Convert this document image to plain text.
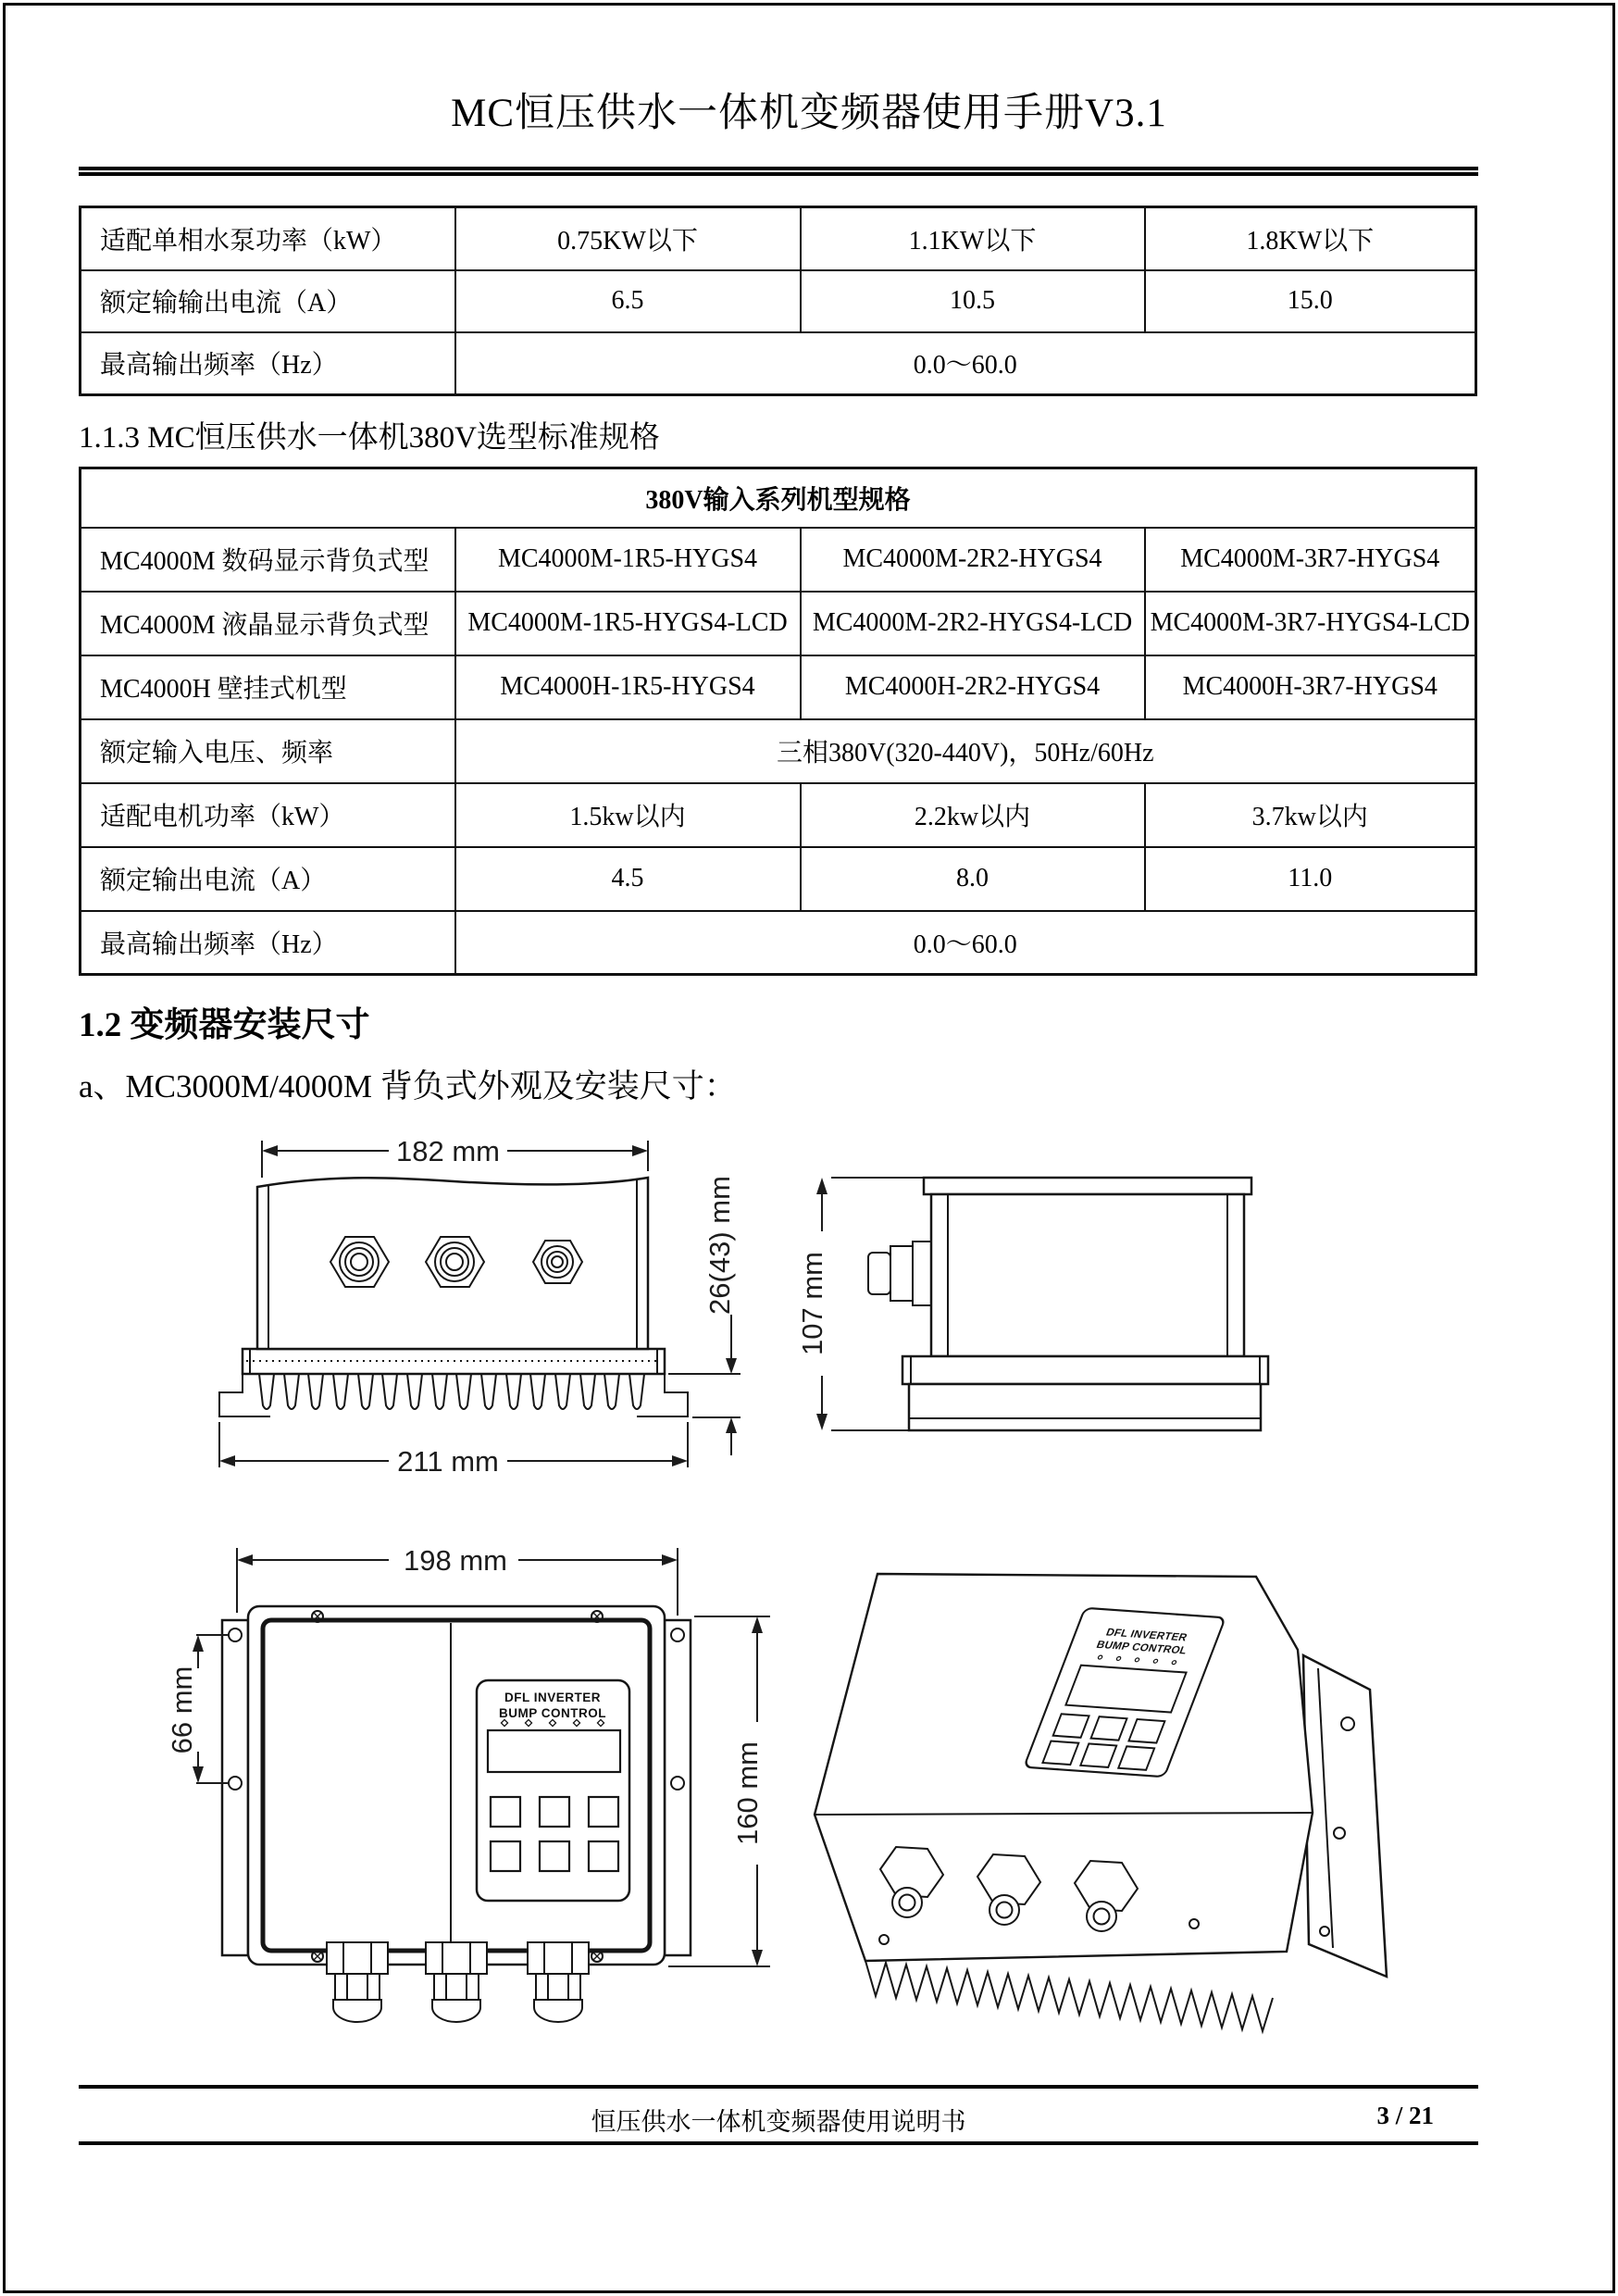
MC恒压供水一体机变频器使用手册V3.1
适配单相水泵功率（kW）	0.75KW以下	1.1KW以下	1.8KW以下
额定输输出电流（A）	6.5	10.5	15.0
最高输出频率（Hz）	0.0～60.0		
1.1.3 MC恒压供水一体机380V选型标准规格
380V输入系列机型规格			
MC4000M 数码显示背负式型	MC4000M-1R5-HYGS4	MC4000M-2R2-HYGS4	MC4000M-3R7-HYGS4
MC4000M 液晶显示背负式型	MC4000M-1R5-HYGS4-LCD	MC4000M-2R2-HYGS4-LCD	MC4000M-3R7-HYGS4-LCD
MC4000H 壁挂式机型	MC4000H-1R5-HYGS4	MC4000H-2R2-HYGS4	MC4000H-3R7-HYGS4
额定输入电压、频率	三相380V(320-440V)，50Hz/60Hz		
适配电机功率（kW）	1.5kw以内	2.2kw以内	3.7kw以内
额定输出电流（A）	4.5	8.0	11.0
最高输出频率（Hz）	0.0～60.0		
1.2 变频器安装尺寸
a、MC3000M/4000M 背负式外观及安装尺寸：
182 mm
211 mm
26(43) mm 107 mm
198 mm
DFL INVERTER
BUMP CONTROL
66 mm
160 mm
DFL INVERTER
BUMP CONTROL
恒压供水一体机变频器使用说明书	3 / 21
